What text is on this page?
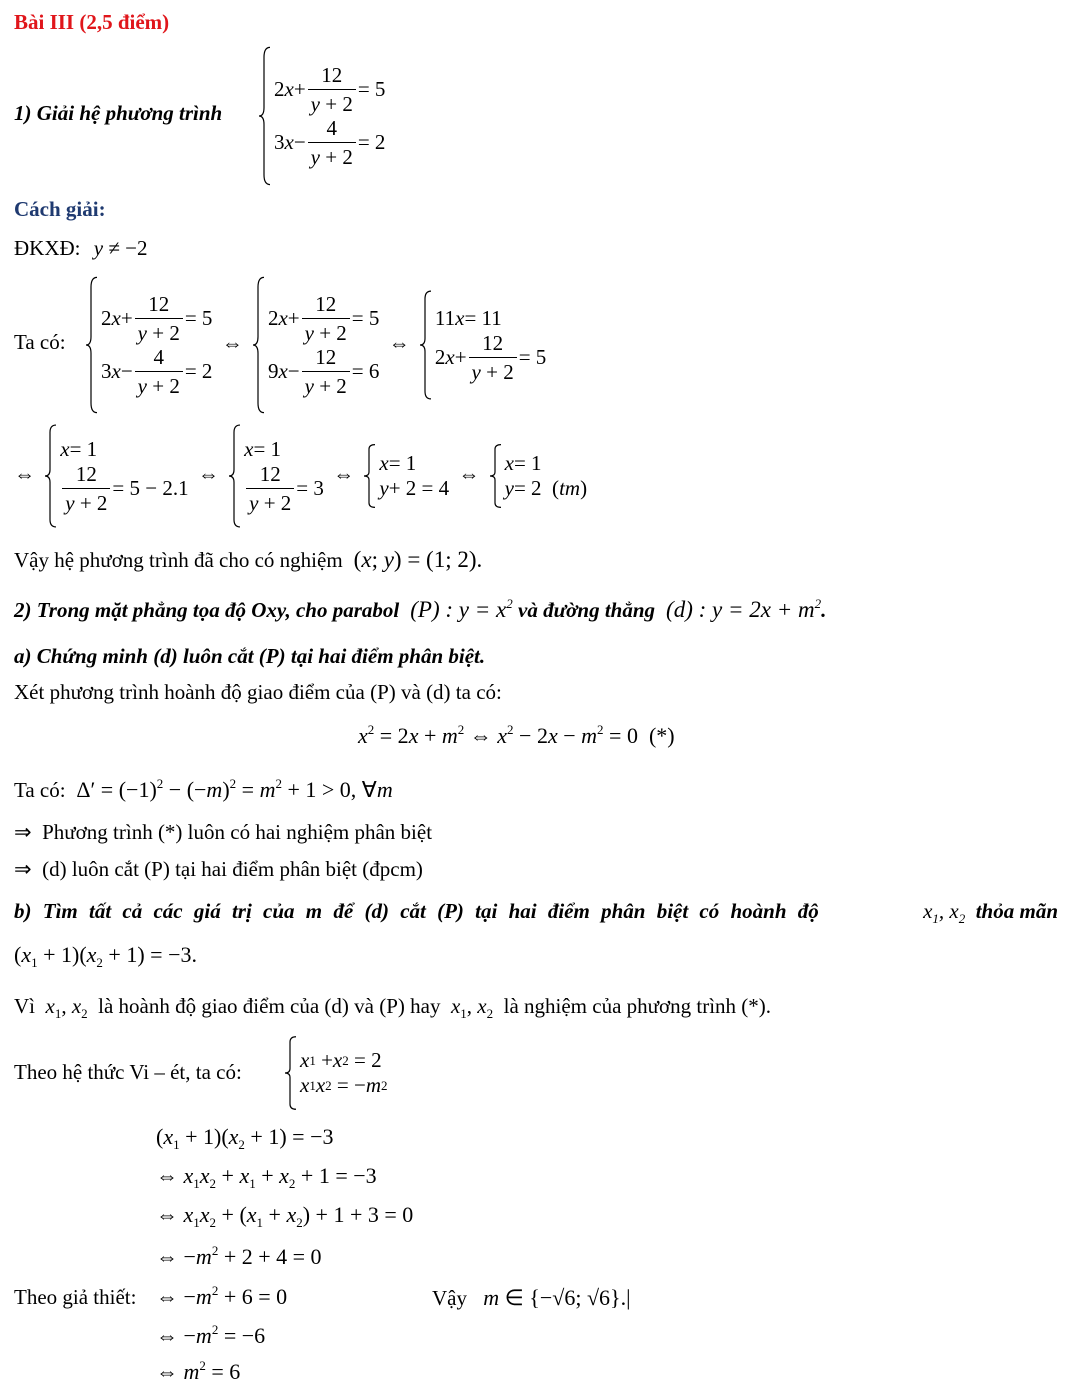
Bài III (2,5 điểm)
1) Giải hệ phương trình
2 $x + \frac{12}{y + 2} = 5$
3 $x - \frac{4}{y + 2} = 2$
Cách giải:
ĐKXĐ: y ≠ −2
Ta có:
2 $x + \frac{12}{y + 2} = 5$
3 $x - \frac{4}{y + 2} = 2$
⇔
2 $x + \frac{12}{y + 2} = 5$
9 $x - \frac{12}{y + 2} = 6$
⇔
11 x = 11
2 $x + \frac{12}{y + 2} = 5$
⇔
x = 1
$\frac{12}{y + 2} = 5 - 2.1$
⇔
x = 1
$\frac{12}{y + 2} = 3$
⇔ x = 1
y + 2 = 4
⇔ x = 1
y = 2  ( tm )
Vậy hệ phương trình đã cho có nghiệm  (x; y) = (1; 2).
2) Trong mặt phẳng tọa độ Oxy, cho parabol  (P) : $y = x^2$ và đường thẳng  (d) : $y = 2x + m^2$.
a) Chứng minh (d) luôn cắt (P) tại hai điểm phân biệt.
Xét phương trình hoành độ giao điểm của (P) và (d) ta có:
$x^2 = 2x + m^2$ ⇔ $x^2 - 2x - m^2 = 0$  (*)
Ta có:  $\Delta' = (-1)^2 - (-m)^2 = m^2 + 1 > 0$, ∀m
⇒ Phương trình (*) luôn có hai nghiệm phân biệt
⇒ (d) luôn cắt (P) tại hai điểm phân biệt (đpcm)
b) Tìm tất cả các giá trị của m để (d) cắt (P) tại hai điểm phân biệt có hoành độ	$x_1$, $x_2$ thỏa mãn
$(x_1 + 1)(x_2 + 1) = -3$.
Vì $x_1$, $x_2$ là hoành độ giao điểm của (d) và (P) hay $x_1$, $x_2$ là nghiệm của phương trình (*).
Theo hệ thức Vi – ét, ta có:
x 1 + x 2 = 2
x 1 x 2 = − m 2
$(x_1 + 1)(x_2 + 1) = -3$
⇔ $x_1x_2 + x_1 + x_2 + 1 = -3$
⇔ $x_1x_2 + (x_1 + x_2) + 1 + 3 = 0$
⇔ $-m^2 + 2 + 4 = 0$
Theo giả thiết: ⇔ $-m^2 + 6 = 0$	Vậy m ∈ {−√6; √6}.|
⇔ $-m^2 = -6$
⇔ $m^2 = 6$
